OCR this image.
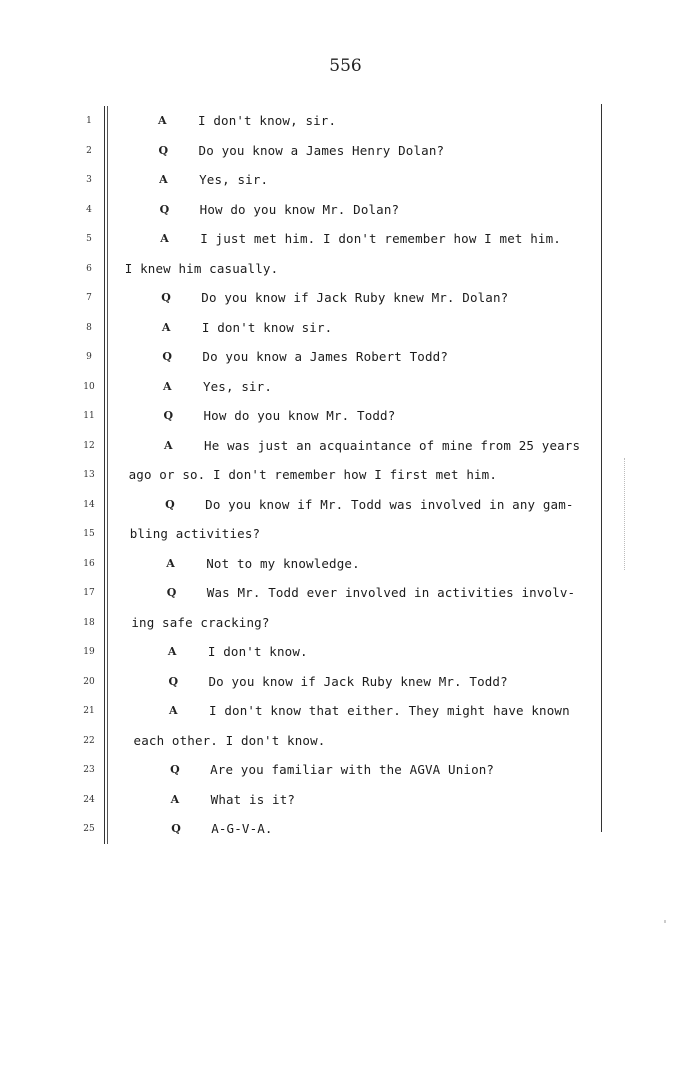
556
1	A	I don't know, sir.
2	Q Do you know a James Henry Dolan?
3	A	Yes, sir.
4	Q How do you know Mr. Dolan?
5	A	I just met him. I don't remember how I met him.
6	I knew him casually.
7	Q Do you know if Jack Ruby knew Mr. Dolan?
8	A	I don't know sir.
9	Q Do you know a James Robert Todd?
10	A	Yes, sir.
11	Q How do you know Mr. Todd?
12	A	He was just an acquaintance of mine from 25 years
13	ago or so. I don't remember how I first met him.
14	Q Do you know if Mr. Todd was involved in any gam-
15	bling activities?
16	A	Not to my knowledge.
17	Q Was Mr. Todd ever involved in activities involv-
18	ing safe cracking?
19	A	I don't know.
20	Q Do you know if Jack Ruby knew Mr. Todd?
21	A	I don't know that either. They might have known
22	each other. I don't know.
23	Q Are you familiar with the AGVA Union?
24	A	What is it?
25	Q A-G-V-A.
